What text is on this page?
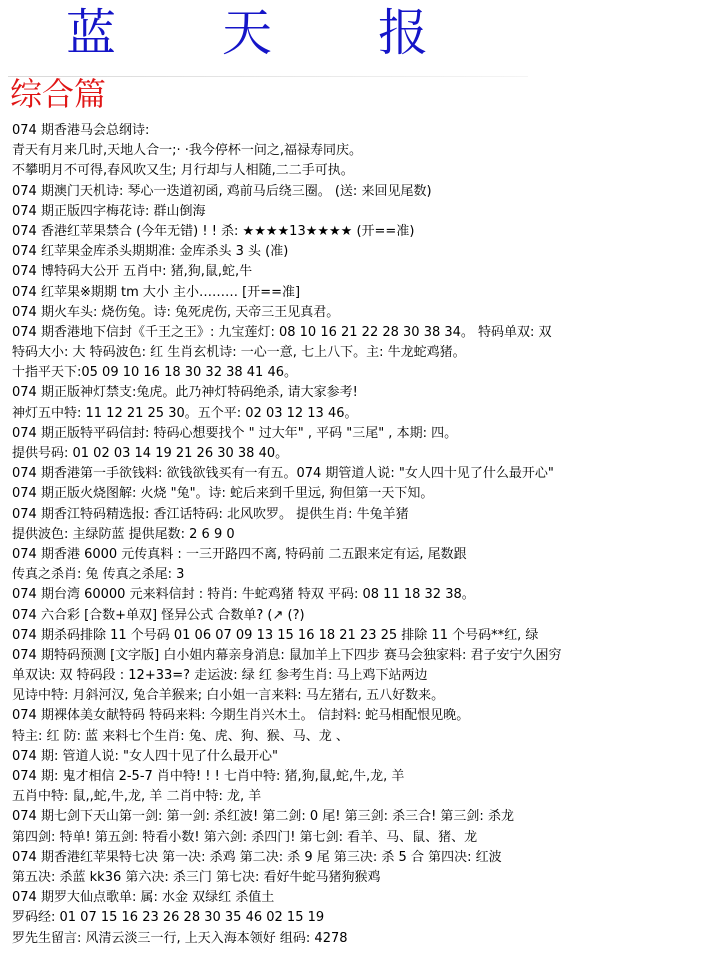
蓝 天 报
综合篇
074 期香港马会总纲诗:
青天有月来几时,天地人合一;· ·我今停杯一问之,福禄寿同庆。
不攀明月不可得,春风吹又生; 月行却与人相随,二二手可执。
074 期澳门天机诗: 琴心一迭道初函, 鸡前马后绕三圈。 (送: 来回见尾数)
074 期正版四字梅花诗: 群山倒海
074 香港红苹果禁合 (今年无错) ! ! 杀: ★★★★13★★★★ (开==准)
074 红苹果金库杀头期期准: 金库杀头 3 头 (准)
074 博特码大公开 五肖中: 猪,狗,鼠,蛇,牛
074 红苹果※期期 tm 大小 主小……… [开==准]
074 期火车头: 烧伤兔。诗: 兔死虎伤, 天帝三王见真君。
074 期香港地下信封《千王之王》: 九宝莲灯: 08 10 16 21 22 28 30 38 34。 特码单双: 双
特码大小: 大 特码波色: 红 生肖玄机诗: 一心一意, 七上八下。主: 牛龙蛇鸡猪。
十指平天下:05 09 10 16 18 30 32 38 41 46。
074 期正版神灯禁支:兔虎。此乃神灯特码绝杀, 请大家参考!
神灯五中特: 11 12 21 25 30。五个平: 02 03 12 13 46。
074 期正版特平码信封: 特码心想要找个 " 过大年" , 平码 "三尾" , 本期: 四。
提供号码: 01 02 03 14 19 21 26 30 38 40。
074 期香港第一手欲钱料: 欲钱欲钱买有一有五。074 期管道人说: "女人四十见了什么最开心"
074 期正版火烧图解: 火烧 "兔"。诗: 蛇后来到千里远, 狗但第一天下知。
074 期香江特码精选报: 香江话特码: 北风吹罗。 提供生肖: 牛兔羊猪
提供波色: 主绿防蓝 提供尾数: 2 6 9 0
074 期香港 6000 元传真料 : 一三开路四不离, 特码前 二五跟来定有运, 尾数跟
传真之杀肖: 兔 传真之杀尾: 3
074 期台湾 60000 元来料信封 : 特肖: 牛蛇鸡猪 特双 平码: 08 11 18 32 38。
074 六合彩 [合数+单双] 怪异公式 合数单? (↗ (?)
074 期杀码排除 11 个号码 01 06 07 09 13 15 16 18 21 23 25 排除 11 个号码**红, 绿
074 期特码预测 [文字版] 白小姐内幕亲身消息: 鼠加羊上下四步 赛马会独家料: 君子安宁久困穷
单双诀: 双 特码段 : 12+33=? 走运波: 绿 红 参考生肖: 马上鸡下站两边
见诗中特: 月斜河汉, 兔合羊猴来; 白小姐一言来料: 马左猪右, 五八好数来。
074 期裸体美女献特码 特码来料: 今期生肖兴木土。 信封料: 蛇马相配恨见晚。
特主: 红 防: 蓝 来料七个生肖: 兔、虎、狗、猴、马、龙 、
074 期: 管道人说: "女人四十见了什么最开心"
074 期: 鬼才相信 2-5-7 肖中特! ! ! 七肖中特: 猪,狗,鼠,蛇,牛,龙, 羊
五肖中特: 鼠,,蛇,牛,龙, 羊 二肖中特: 龙, 羊
074 期七剑下天山第一剑: 第一剑: 杀红波! 第二剑: 0 尾! 第三剑: 杀三合! 第三剑: 杀龙
第四剑: 特单! 第五剑: 特看小数! 第六剑: 杀四门! 第七剑: 看羊、马、鼠、猪、龙
074 期香港红苹果特七决 第一决: 杀鸡 第二决: 杀 9 尾 第三决: 杀 5 合 第四决: 红波
第五决: 杀蓝 kk36 第六决: 杀三门 第七决: 看好牛蛇马猪狗猴鸡
074 期罗大仙点歌单: 属: 水金 双绿红 杀值土
罗码经: 01 07 15 16 23 26 28 30 35 46 02 15 19
罗先生留言: 风清云淡三一行, 上天入海本领好 组码: 4278
